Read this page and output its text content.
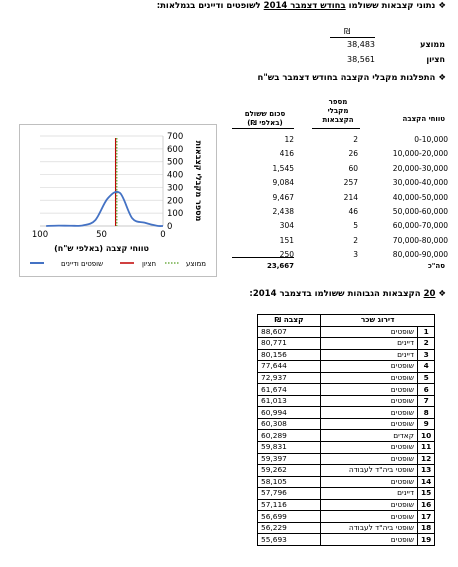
❖ נתוני קצבאות ששולמו בחודש דצמבר 2014 לשופטים ודיינים בגמלאות:
₪
38,483	ממוצע
38,561	חציון
❖ התפלגות מקבלי הקצבה בחודש דצמבר בש"ח
טווחי הקצבה
מספר
מקבלי
הקצבאות
סכום ששולם
(באלפי ₪)
12	2	0-10,000
416	26	10,000-20,000
1,545	60	20,000-30,000
9,084	257	30,000-40,000
9,467	214	40,000-50,000
2,438	46	50,000-60,000
304	5	60,000-70,000
151	2	70,000-80,000
250	3	80,000-90,000
23,667	סה"כ
700
600
500
400
300
200
100
0
100	50	0
טווחי קצבה (באלפי ש"ח)
מספר מקבלי קצבאות
שופטים ודיינים	חציון	ממוצע
❖ 20 הקצבאות הגבוהות ששולמו בדצמבר 2014:
דירוג שכר		קצבה ₪
1	שופטים	88,607
2	דיינים	80,771
3	דיינים	80,156
4	שופטים	77,644
5	שופטים	72,937
6	שופטים	61,674
7	שופטים	61,013
8	שופטים	60,994
9	שופטים	60,308
10	קאדים	60,289
11	שופטים	59,831
12	שופטים	59,397
13	שופטי ביה"ד לעבודה	59,262
14	שופטים	58,105
15	דיינים	57,796
16	שופטים	57,116
17	שופטים	56,699
18	שופטי ביה"ד לעבודה	56,229
19	שופטים	55,693
